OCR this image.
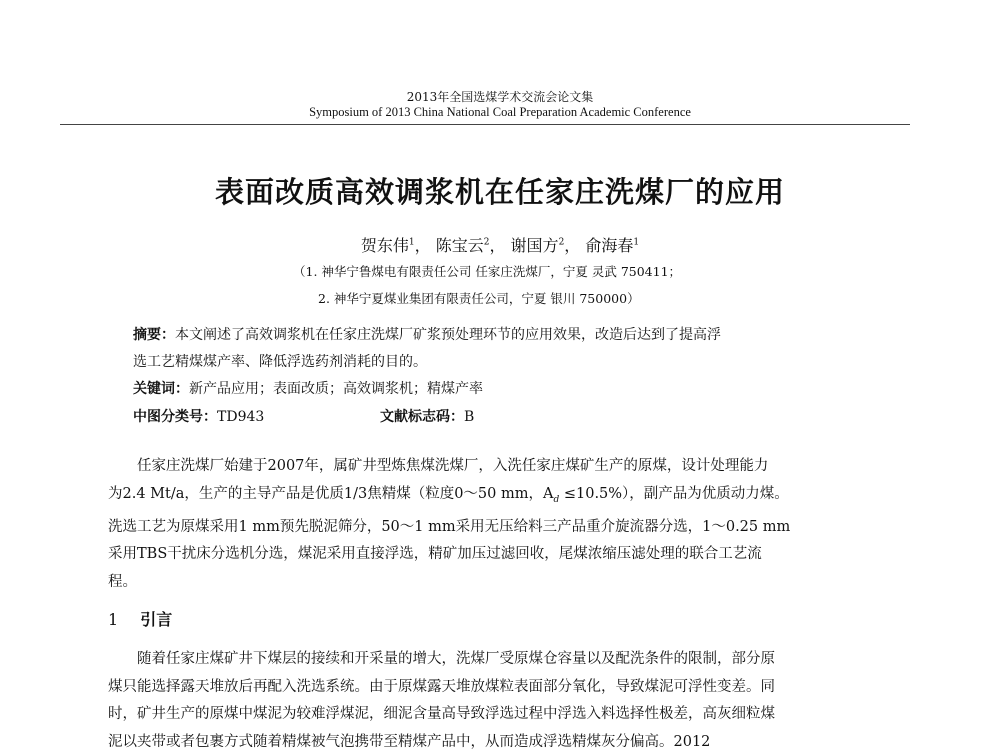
2013年全国选煤学术交流会论文集
Symposium of 2013 China National Coal Preparation Academic Conference
表面改质高效调浆机在任家庄洗煤厂的应用
贺东伟$^1$， 陈宝云$^2$， 谢国方$^2$， 俞海春$^1$
（1. 神华宁鲁煤电有限责任公司 任家庄洗煤厂，宁夏 灵武 750411；
2. 神华宁夏煤业集团有限责任公司，宁夏 银川 750000）
摘要：本文阐述了高效调浆机在任家庄洗煤厂矿浆预处理环节的应用效果，改造后达到了提高浮
选工艺精煤煤产率、降低浮选药剂消耗的目的。
关键词：新产品应用；表面改质；高效调浆机；精煤产率
中图分类号：TD943	文献标志码：B
任家庄洗煤厂始建于2007年，属矿井型炼焦煤洗煤厂，入洗任家庄煤矿生产的原煤，设计处理能力
为2.4 Mt/a，生产的主导产品是优质1/3焦精煤（粒度0～50 mm，$A_d \le 10.5\%$），副产品为优质动力煤。
洗选工艺为原煤采用1 mm预先脱泥筛分，50～1 mm采用无压给料三产品重介旋流器分选，1～0.25 mm
采用TBS干扰床分选机分选，煤泥采用直接浮选，精矿加压过滤回收，尾煤浓缩压滤处理的联合工艺流
程。
1 引言
随着任家庄煤矿井下煤层的接续和开采量的增大，洗煤厂受原煤仓容量以及配洗条件的限制，部分原
煤只能选择露天堆放后再配入洗选系统。由于原煤露天堆放煤粒表面部分氧化，导致煤泥可浮性变差。同
时，矿井生产的原煤中煤泥为较难浮煤泥，细泥含量高导致浮选过程中浮选入料选择性极差，高灰细粒煤
泥以夹带或者包裹方式随着精煤被气泡携带至精煤产品中，从而造成浮选精煤灰分偏高。2012
